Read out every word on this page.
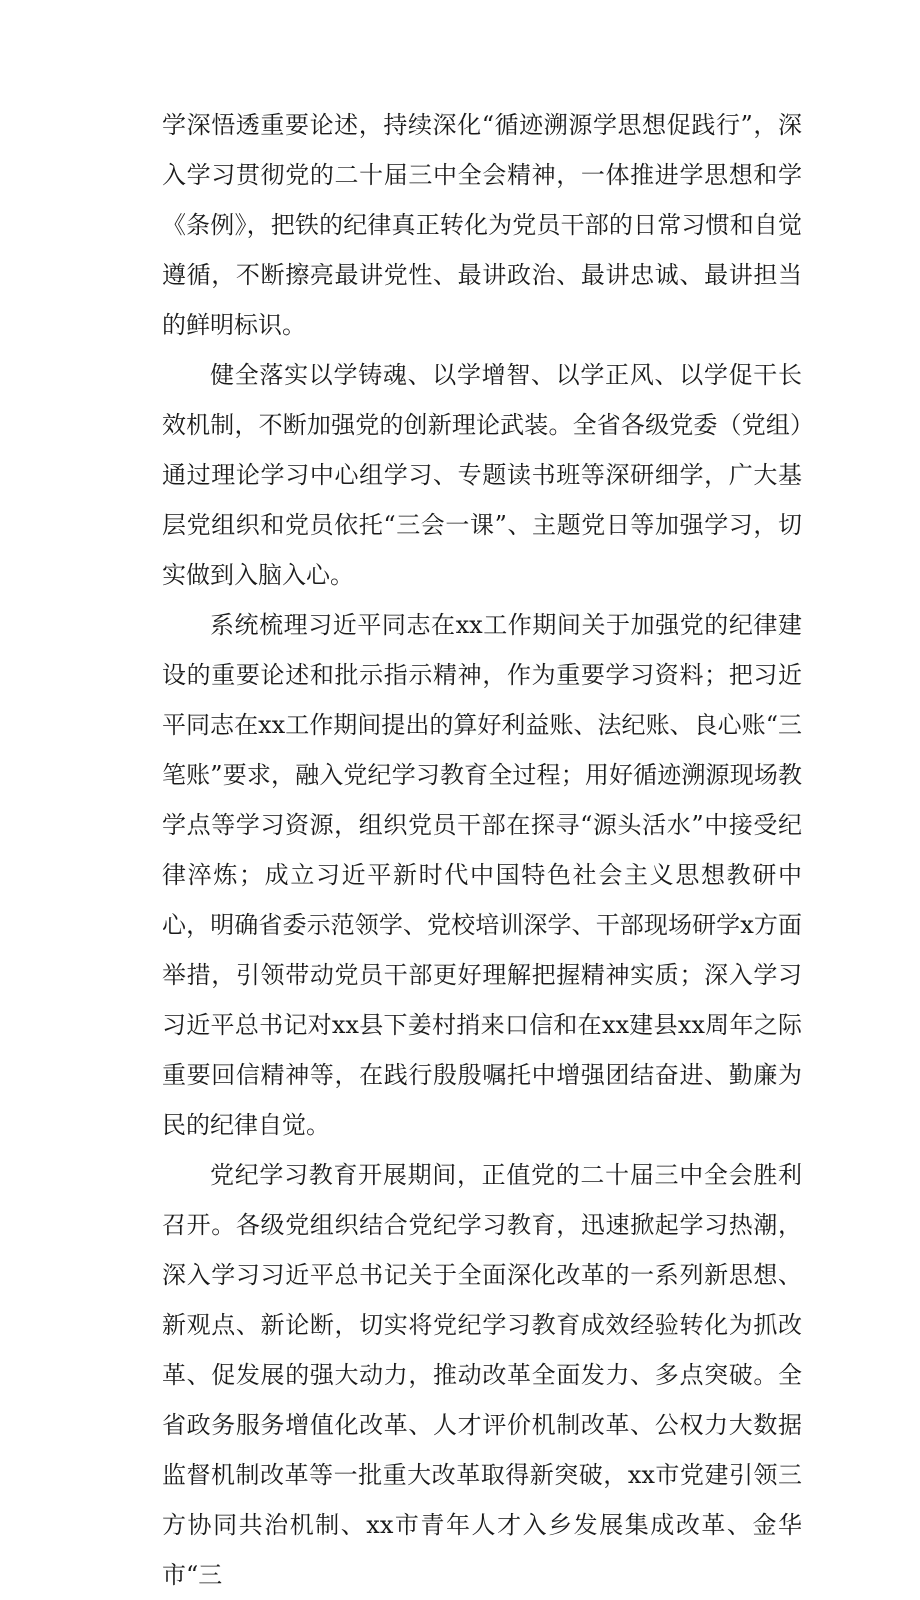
学深悟透重要论述，持续深化“循迹溯源学思想促践行”，深入学习贯彻党的二十届三中全会精神，一体推进学思想和学《条例》，把铁的纪律真正转化为党员干部的日常习惯和自觉遵循，不断擦亮最讲党性、最讲政治、最讲忠诚、最讲担当的鲜明标识。

健全落实以学铸魂、以学增智、以学正风、以学促干长效机制，不断加强党的创新理论武装。全省各级党委（党组）通过理论学习中心组学习、专题读书班等深研细学，广大基层党组织和党员依托“三会一课”、主题党日等加强学习，切实做到入脑入心。

系统梳理习近平同志在xx工作期间关于加强党的纪律建设的重要论述和批示指示精神，作为重要学习资料；把习近平同志在xx工作期间提出的算好利益账、法纪账、良心账“三笔账”要求，融入党纪学习教育全过程；用好循迹溯源现场教学点等学习资源，组织党员干部在探寻“源头活水”中接受纪律淬炼；成立习近平新时代中国特色社会主义思想教研中心，明确省委示范领学、党校培训深学、干部现场研学x方面举措，引领带动党员干部更好理解把握精神实质；深入学习习近平总书记对xx县下姜村捎来口信和在xx建县xx周年之际重要回信精神等，在践行殷殷嘱托中增强团结奋进、勤廉为民的纪律自觉。

党纪学习教育开展期间，正值党的二十届三中全会胜利召开。各级党组织结合党纪学习教育，迅速掀起学习热潮，深入学习习近平总书记关于全面深化改革的一系列新思想、新观点、新论断，切实将党纪学习教育成效经验转化为抓改革、促发展的强大动力，推动改革全面发力、多点突破。全省政务服务增值化改革、人才评价机制改革、公权力大数据监督机制改革等一批重大改革取得新突破，xx市党建引领三方协同共治机制、xx市青年人才入乡发展集成改革、金华市“三
